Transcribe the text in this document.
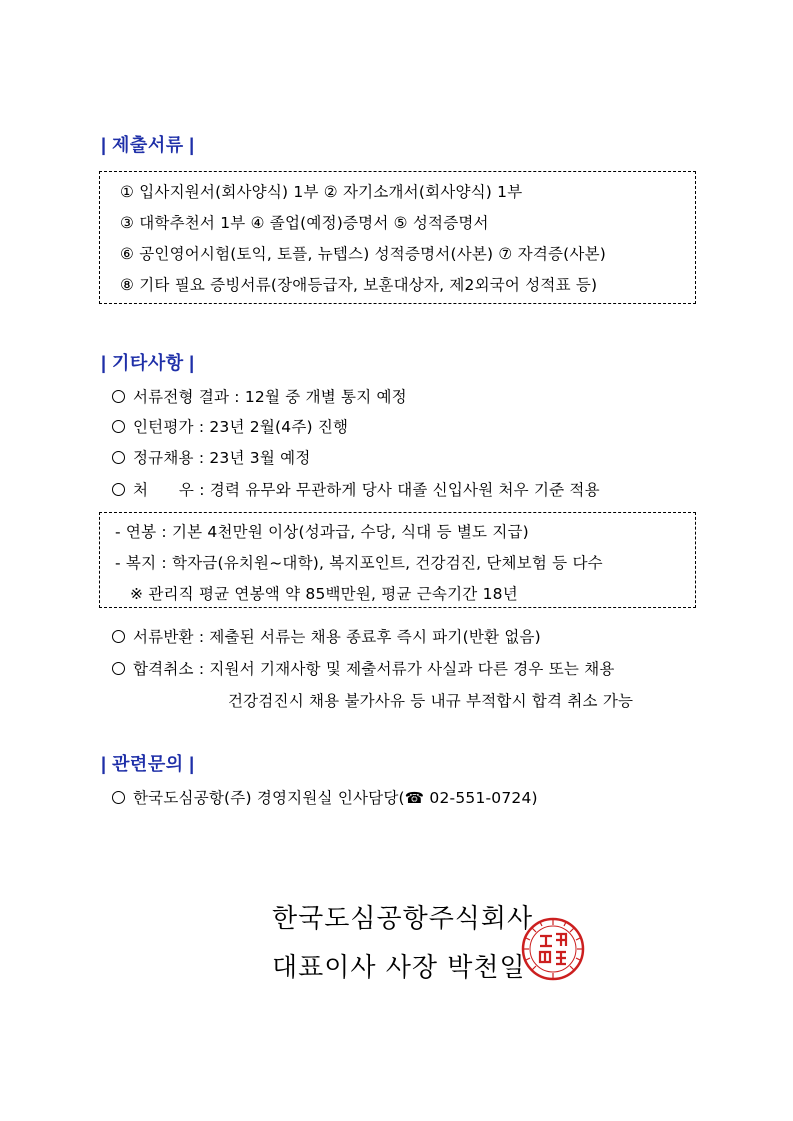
| 제출서류 |
① 입사지원서(회사양식) 1부 ② 자기소개서(회사양식) 1부
③ 대학추천서 1부 ④ 졸업(예정)증명서 ⑤ 성적증명서
⑥ 공인영어시험(토익, 토플, 뉴텝스) 성적증명서(사본) ⑦ 자격증(사본)
⑧ 기타 필요 증빙서류(장애등급자, 보훈대상자, 제2외국어 성적표 등)
| 기타사항 |
서류전형 결과 : 12월 중 개별 통지 예정
인턴평가 : 23년 2월(4주) 진행
정규채용 : 23년 3월 예정
처      우 : 경력 유무와 무관하게 당사 대졸 신입사원 처우 기준 적용
- 연봉 : 기본 4천만원 이상(성과급, 수당, 식대 등 별도 지급)
- 복지 : 학자금(유치원~대학), 복지포인트, 건강검진, 단체보험 등 다수
※ 관리직 평균 연봉액 약 85백만원, 평균 근속기간 18년
서류반환 : 제출된 서류는 채용 종료후 즉시 파기(반환 없음)
합격취소 : 지원서 기재사항 및 제출서류가 사실과 다른 경우 또는 채용
건강검진시 채용 불가사유 등 내규 부적합시 합격 취소 가능
| 관련문의 |
한국도심공항(주) 경영지원실 인사담당(☎ 02-551-0724)
한국도심공항주식회사
대표이사 사장 박천일
